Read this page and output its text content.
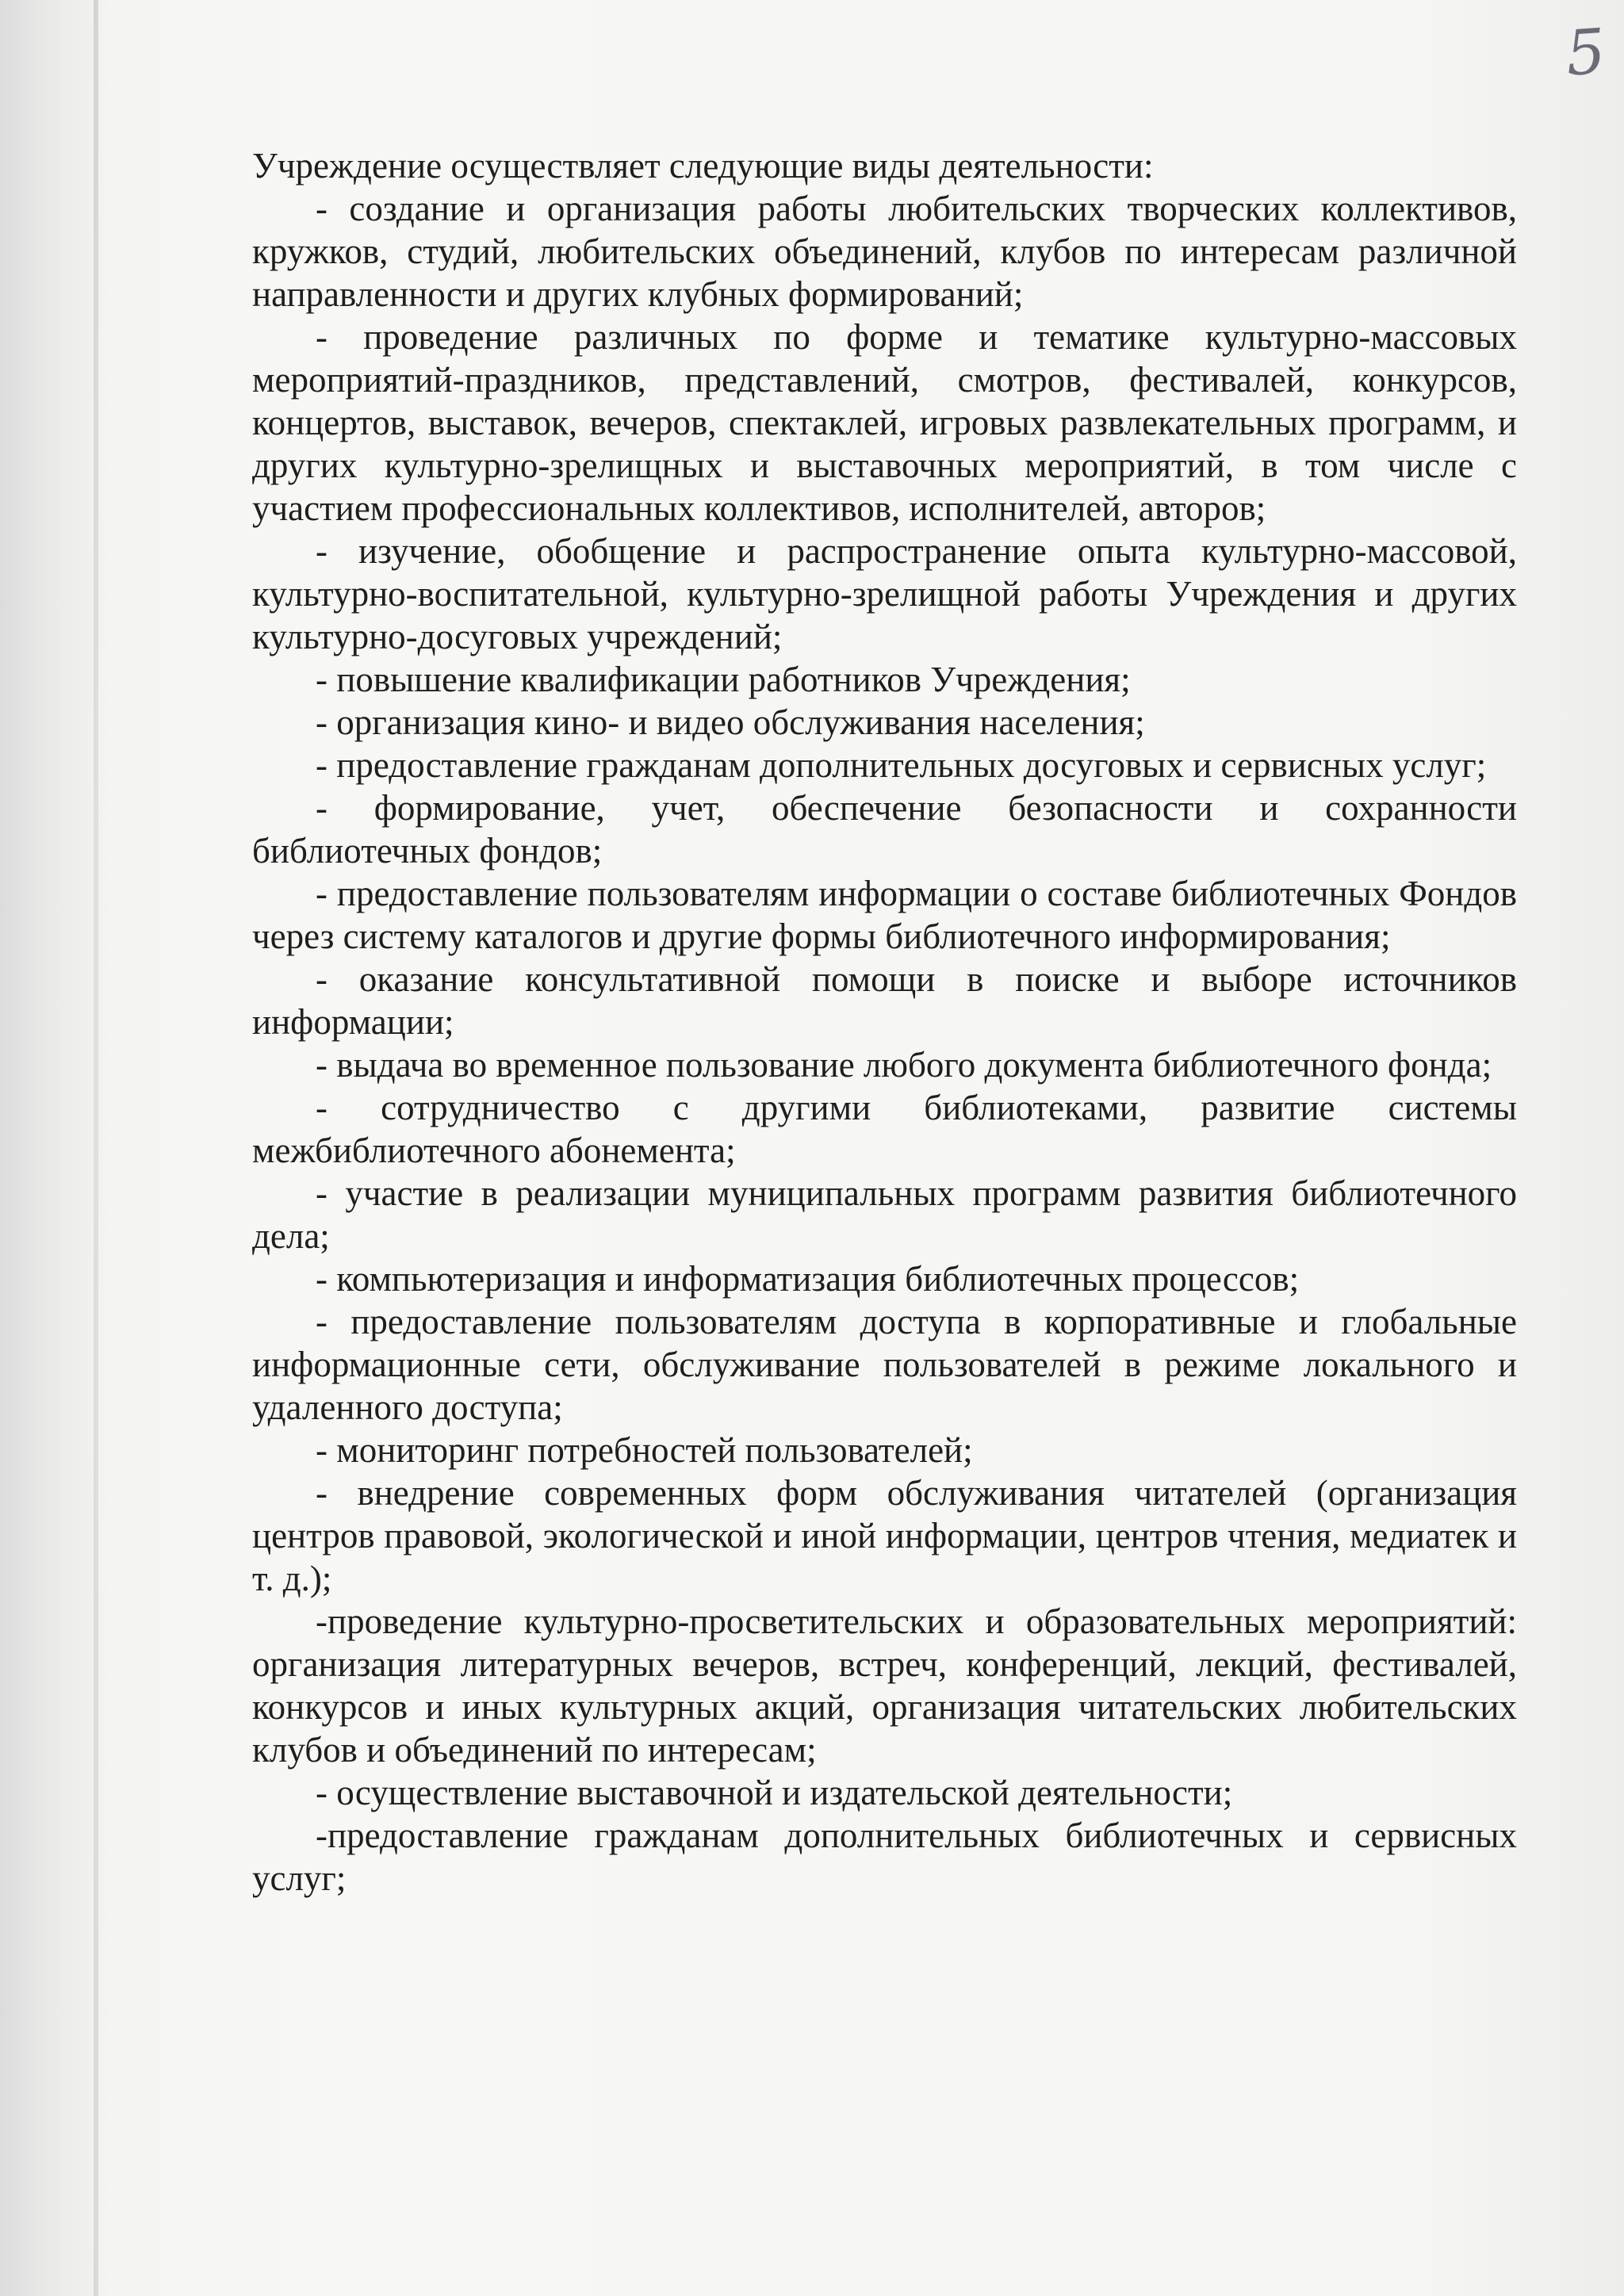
5

Учреждение осуществляет следующие виды деятельности:

- создание и организация работы любительских творческих коллективов, кружков, студий, любительских объединений, клубов по интересам различной направленности и других клубных формирований;

- проведение различных по форме и тематике культурно-массовых мероприятий-праздников, представлений, смотров, фестивалей, конкурсов, концертов, выставок, вечеров, спектаклей, игровых развлекательных программ, и других культурно-зрелищных и выставочных мероприятий, в том числе с участием профессиональных коллективов, исполнителей, авторов;

- изучение, обобщение и распространение опыта культурно-массовой, культурно-воспитательной, культурно-зрелищной работы Учреждения и других культурно-досуговых учреждений;

- повышение квалификации работников Учреждения;

- организация кино- и видео обслуживания населения;

- предоставление гражданам дополнительных досуговых и сервисных услуг;

- формирование, учет, обеспечение безопасности и сохранности библиотечных фондов;

- предоставление пользователям информации о составе библиотечных Фондов через систему каталогов и другие формы библиотечного информирования;

- оказание консультативной помощи в поиске и выборе источников информации;

- выдача во временное пользование любого документа библиотечного фонда;

- сотрудничество с другими библиотеками, развитие системы межбиблиотечного абонемента;

- участие в реализации муниципальных программ развития библиотечного дела;

- компьютеризация и информатизация библиотечных процессов;

- предоставление пользователям доступа в корпоративные и глобальные информационные сети, обслуживание пользователей в режиме локального и удаленного доступа;

- мониторинг потребностей пользователей;

- внедрение современных форм обслуживания читателей (организация центров правовой, экологической и иной информации, центров чтения, медиатек и т. д.);

-проведение культурно-просветительских и образовательных мероприятий: организация литературных вечеров, встреч, конференций, лекций, фестивалей, конкурсов и иных культурных акций, организация читательских любительских клубов и объединений по интересам;

- осуществление выставочной и издательской деятельности;

-предоставление гражданам дополнительных библиотечных и сервисных услуг;
